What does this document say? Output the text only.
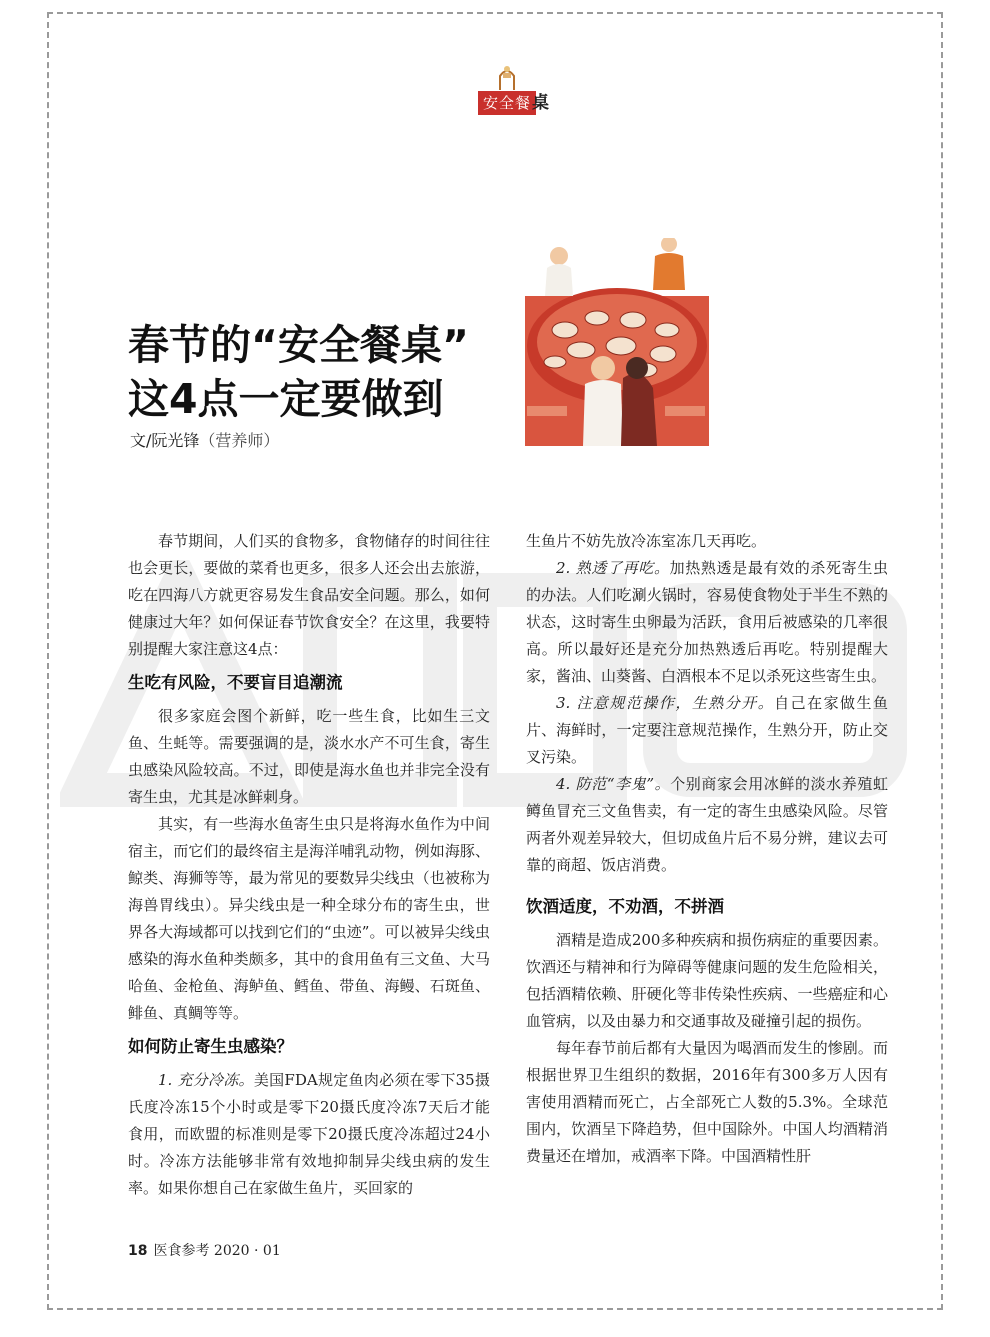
安全餐 桌
春节的“安全餐桌”
这4点一定要做到
文/阮光锋（营养师）

春节期间，人们买的食物多，食物储存的时间往往也会更长，要做的菜肴也更多，很多人还会出去旅游，吃在四海八方就更容易发生食品安全问题。那么，如何健康过大年？如何保证春节饮食安全？在这里，我要特别提醒大家注意这4点：

生吃有风险，不要盲目追潮流

很多家庭会图个新鲜，吃一些生食，比如生三文鱼、生蚝等。需要强调的是，淡水水产不可生食，寄生虫感染风险较高。不过，即使是海水鱼也并非完全没有寄生虫，尤其是冰鲜刺身。

其实，有一些海水鱼寄生虫只是将海水鱼作为中间宿主，而它们的最终宿主是海洋哺乳动物，例如海豚、鲸类、海狮等等，最为常见的要数异尖线虫（也被称为海兽胃线虫）。异尖线虫是一种全球分布的寄生虫，世界各大海域都可以找到它们的“虫迹”。可以被异尖线虫感染的海水鱼种类颇多，其中的食用鱼有三文鱼、大马哈鱼、金枪鱼、海鲈鱼、鳕鱼、带鱼、海鳗、石斑鱼、鲱鱼、真鲷等等。

如何防止寄生虫感染？

1. 充分冷冻。美国FDA规定鱼肉必须在零下35摄氏度冷冻15个小时或是零下20摄氏度冷冻7天后才能食用，而欧盟的标准则是零下20摄氏度冷冻超过24小时。冷冻方法能够非常有效地抑制异尖线虫病的发生率。如果你想自己在家做生鱼片，买回家的

生鱼片不妨先放冷冻室冻几天再吃。

2. 熟透了再吃。加热熟透是最有效的杀死寄生虫的办法。人们吃涮火锅时，容易使食物处于半生不熟的状态，这时寄生虫卵最为活跃，食用后被感染的几率很高。所以最好还是充分加热熟透后再吃。特别提醒大家，酱油、山葵酱、白酒根本不足以杀死这些寄生虫。

3. 注意规范操作，生熟分开。自己在家做生鱼片、海鲜时，一定要注意规范操作，生熟分开，防止交叉污染。

4. 防范“李鬼”。个别商家会用冰鲜的淡水养殖虹鳟鱼冒充三文鱼售卖，有一定的寄生虫感染风险。尽管两者外观差异较大，但切成鱼片后不易分辨，建议去可靠的商超、饭店消费。

饮酒适度，不劝酒，不拼酒

酒精是造成200多种疾病和损伤病症的重要因素。饮酒还与精神和行为障碍等健康问题的发生危险相关，包括酒精依赖、肝硬化等非传染性疾病、一些癌症和心血管病，以及由暴力和交通事故及碰撞引起的损伤。

每年春节前后都有大量因为喝酒而发生的惨剧。而根据世界卫生组织的数据，2016年有300多万人因有害使用酒精而死亡，占全部死亡人数的5.3%。全球范围内，饮酒呈下降趋势，但中国除外。中国人均酒精消费量还在增加，戒酒率下降。中国酒精性肝

18 医食参考 2020 · 01
